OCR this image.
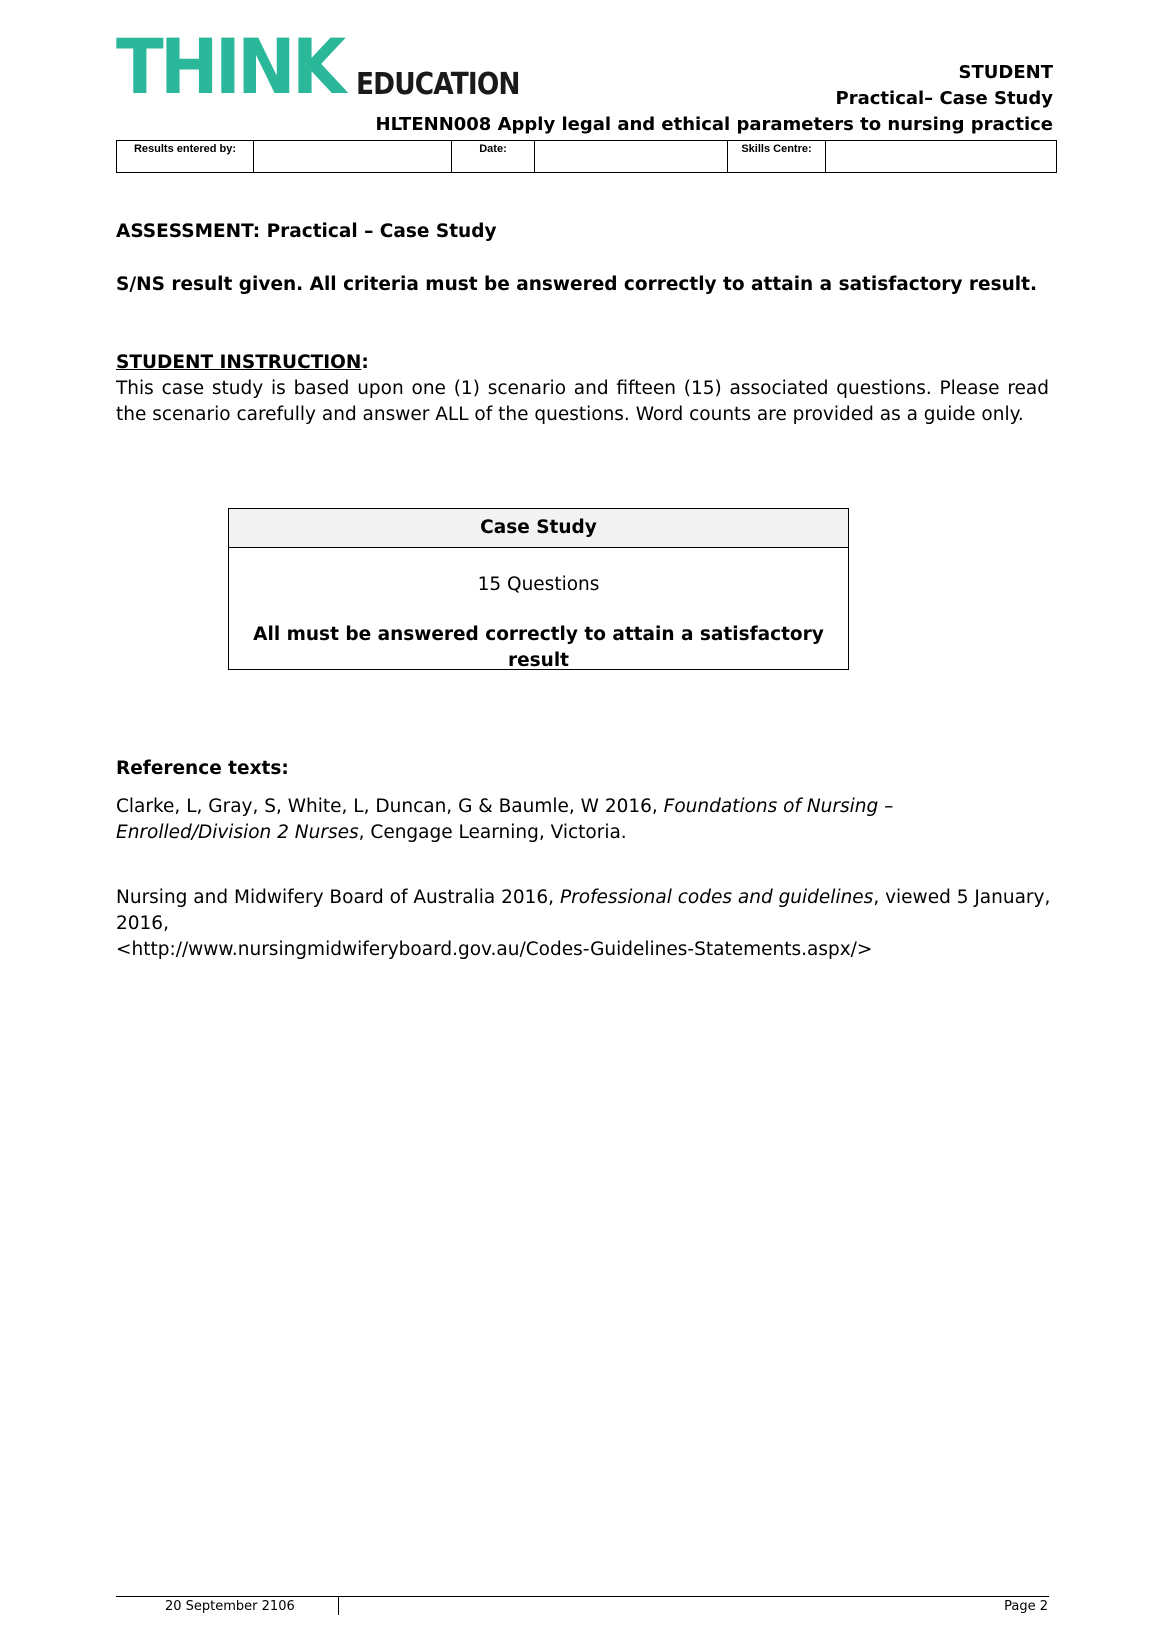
THINK EDUCATION	STUDENT
Practical– Case Study
HLTENN008 Apply legal and ethical parameters to nursing practice
Results entered by:		Date:		Skills Centre:	
ASSESSMENT: Practical – Case Study
S/NS result given. All criteria must be answered correctly to attain a satisfactory result.
STUDENT INSTRUCTION:
This case study is based upon one (1) scenario and fifteen (15) associated questions. Please read the scenario carefully and answer ALL of the questions. Word counts are provided as a guide only.
Case Study
15 Questions
All must be answered correctly to attain a satisfactory result
Reference texts:
Clarke, L, Gray, S, White, L, Duncan, G & Baumle, W 2016, Foundations of Nursing – Enrolled/Division 2 Nurses, Cengage Learning, Victoria.
Nursing and Midwifery Board of Australia 2016, Professional codes and guidelines, viewed 5 January, 2016,
<http://www.nursingmidwiferyboard.gov.au/Codes-Guidelines-Statements.aspx/>
20 September 2106	Page 2
